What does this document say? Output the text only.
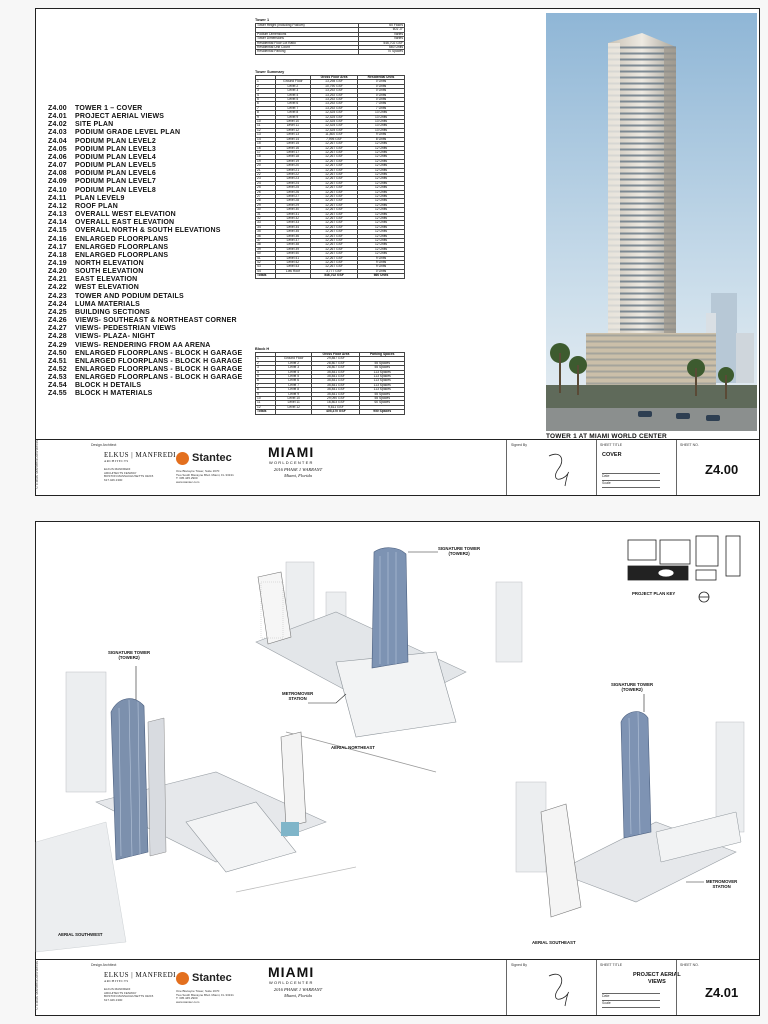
© Elkus Manfredi Architects
Z4.00	TOWER 1 – COVER
Z4.01	PROJECT AERIAL VIEWS
Z4.02	SITE PLAN
Z4.03	PODIUM GRADE LEVEL PLAN
Z4.04	PODIUM PLAN LEVEL2
Z4.05	PODIUM PLAN LEVEL3
Z4.06	PODIUM PLAN LEVEL4
Z4.07	PODIUM PLAN LEVEL5
Z4.08	PODIUM PLAN LEVEL6
Z4.09	PODIUM PLAN LEVEL7
Z4.10	PODIUM PLAN LEVEL8
Z4.11	PLAN LEVEL9
Z4.12	ROOF PLAN
Z4.13	OVERALL WEST ELEVATION
Z4.14	OVERALL EAST ELEVATION
Z4.15	OVERALL NORTH & SOUTH ELEVATIONS
Z4.16	ENLARGED FLOORPLANS
Z4.17	ENLARGED FLOORPLANS
Z4.18	ENLARGED FLOORPLANS
Z4.19	NORTH ELEVATION
Z4.20	SOUTH ELEVATION
Z4.21	EAST ELEVATION
Z4.22	WEST ELEVATION
Z4.23	TOWER AND PODIUM DETAILS
Z4.24	LUMA MATERIALS
Z4.25	BUILDING SECTIONS
Z4.26	VIEWS- SOUTHEAST & NORTHEAST CORNER
Z4.27	VIEWS- PEDESTRIAN VIEWS
Z4.28	VIEWS- PLAZA- NIGHT
Z4.29	VIEWS- RENDERING FROM AA ARENA
Z4.50	ENLARGED FLOORPLANS - BLOCK H GARAGE
Z4.51	ENLARGED FLOORPLANS - BLOCK H GARAGE
Z4.52	ENLARGED FLOORPLANS - BLOCK H GARAGE
Z4.53	ENLARGED FLOORPLANS - BLOCK H GARAGE
Z4.54	BLOCK H DETAILS
Z4.55	BLOCK H MATERIALS
Tower 1
Tower Height (Including Podium)	60 Floors
	601'-0"
Podium Dimensions	Varies
Tower Dimensions	Varies
Residential Floor Lot Ratio	546,702 GSF
Residential Unit Count	660 Units
Residential Parking	70 Spaces
Tower Summary
		Gross Floor Area	Residential Units
1	Ground Floor	13,298 GSF	0 Units
2	Level 2	10,790 GSF	0 Units
3	Level 3	13,292 GSF	0 Units
4	Level 4	13,292 GSF	0 Units
5	Level 5	13,292 GSF	0 Units
6	Level 6	13,292 GSF	7 Units
7	Level 7	13,292 GSF	7 Units
8	Level 8	12,425 GSF	13 Units
9	Level 9	12,425 GSF	13 Units
10	Level 10	12,425 GSF	13 Units
11	Level 11	12,425 GSF	13 Units
12	Level 12	12,425 GSF	13 Units
13	Level 13	11,800 GSF	9 Units
14	Level 14	7,995 GSF	8 Units
15	Level 15	12,267 GSF	12 Units
16	Level 16	12,267 GSF	12 Units
17	Level 17	12,267 GSF	12 Units
18	Level 18	12,267 GSF	12 Units
19	Level 19	12,267 GSF	12 Units
20	Level 20	12,267 GSF	12 Units
21	Level 21	12,267 GSF	12 Units
22	Level 22	12,267 GSF	12 Units
23	Level 23	12,267 GSF	12 Units
24	Level 24	12,267 GSF	12 Units
25	Level 25	12,267 GSF	12 Units
26	Level 26	12,267 GSF	12 Units
27	Level 27	12,267 GSF	12 Units
28	Level 28	12,267 GSF	12 Units
29	Level 29	12,267 GSF	12 Units
30	Level 30	12,267 GSF	12 Units
31	Level 31	12,267 GSF	12 Units
32	Level 32	12,267 GSF	12 Units
33	Level 33	12,267 GSF	12 Units
34	Level 34	12,267 GSF	12 Units
35	Level 35	12,267 GSF	12 Units
36	Level 36	12,267 GSF	12 Units
37	Level 37	12,267 GSF	12 Units
38	Level 38	12,267 GSF	12 Units
39	Level 39	12,267 GSF	12 Units
40	Level 40	12,267 GSF	12 Units
41	Level 41	12,267 GSF	9 Units
42	Level 42	12,267 GSF	9 Units
43	Level 43	12,267 GSF	9 Units
44	Low Roof	3,777 GSF	0 Units
Totals		546,702 GSF	660 Units
Block H
		Gross Floor Area	Parking Spaces
1	Ground Floor	29,857 GSF	
2	Level 2	28,807 GSF	55 Spaces
3	Level 3	28,807 GSF	55 Spaces
4	Level 4	35,841 GSF	113 Spaces
5	Level 5	35,841 GSF	113 Spaces
6	Level 6	35,841 GSF	113 Spaces
7	Level 7	35,841 GSF	113 Spaces
8	Level 8	35,841 GSF	113 Spaces
9	Level 9	35,841 GSF	55 Spaces
10	Level 10	29,090 GSF	55 Spaces
11	Level 11	16,803 GSF	60 Spaces
12	Level 12	9,811 GSF	
Totals		405,370 GSF	950 Spaces
TOWER 1 AT MIAMI WORLD CENTER
Design Architect
ELKUS | MANFREDI
ARCHITECTS
ELKUS MANFREDI
ARCHITECTS FENWAY
BOSTON MASSACHUSETTS 02215
617.426.1300
Stantec
One Biscayne Tower, Suite 1670
Two South Biscayne Blvd. Miami, FL 33131
T: 305.445.2900
www.stantec.com
MIAMI
WORLDCENTER
2016 PHASE 1 WARRANT
Miami, Florida
Signed By	SHEET TITLE
COVER
Date
Scale
SHEET NO.
Z4.00
© Elkus Manfredi Architects
SIGNATURE TOWER
(TOWER2)
SIGNATURE TOWER
(TOWER2)
SIGNATURE TOWER
(TOWER2)
METROMOVER
STATION
METROMOVER
STATION
AERIAL NORTHEAST
AERIAL SOUTHWEST
AERIAL SOUTHEAST
PROJECT PLAN KEY
Design Architect
ELKUS | MANFREDI
ARCHITECTS
ELKUS MANFREDI
ARCHITECTS FENWAY
BOSTON MASSACHUSETTS 02215
617.426.1300
Stantec
One Biscayne Tower, Suite 1670
Two South Biscayne Blvd. Miami, FL 33131
T: 305.445.2900
www.stantec.com
MIAMI
WORLDCENTER
2016 PHASE 1 WARRANT
Miami, Florida
Signed By	SHEET TITLE
PROJECT AERIAL
VIEWS
Date
Scale
SHEET NO.
Z4.01
